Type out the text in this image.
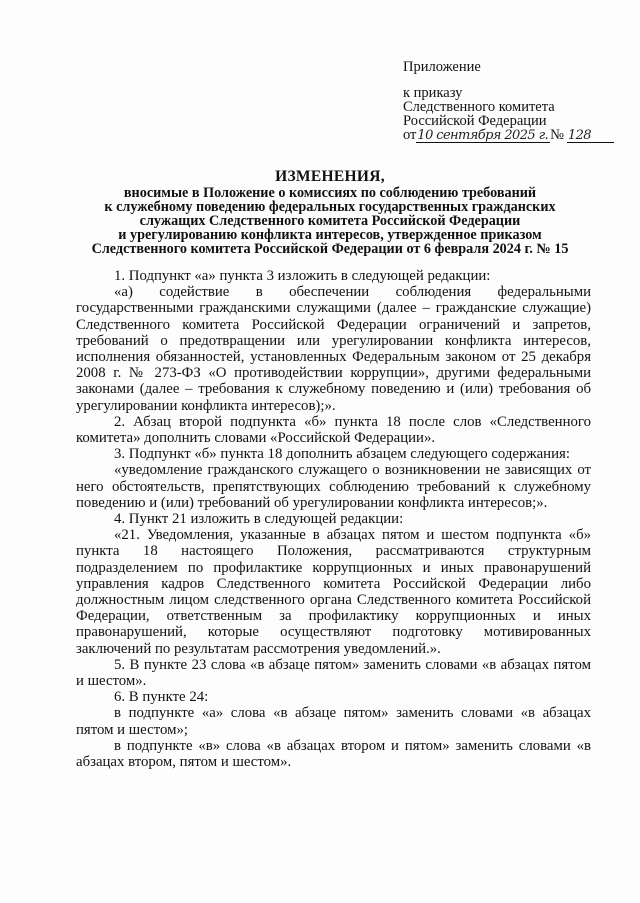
Приложение
к приказу
Следственного комитета
Российской Федерации
от10 сентября 2025 г. № 128
ИЗМЕНЕНИЯ,
вносимые в Положение о комиссиях по соблюдению требований
к служебному поведению федеральных государственных гражданских
служащих Следственного комитета Российской Федерации
и урегулированию конфликта интересов, утвержденное приказом
Следственного комитета Российской Федерации от 6 февраля 2024 г. № 15

1. Подпункт «а» пункта 3 изложить в следующей редакции:

«а) содействие в обеспечении соблюдения федеральными государственными гражданскими служащими (далее – гражданские служащие) Следственного комитета Российской Федерации ограничений и запретов, требований о предотвращении или урегулировании конфликта интересов, исполнения обязанностей, установленных Федеральным законом от 25 декабря 2008 г. № 273-ФЗ «О противодействии коррупции», другими федеральными законами (далее – требования к служебному поведению и (или) требования об урегулировании конфликта интересов);».

2. Абзац второй подпункта «б» пункта 18 после слов «Следственного комитета» дополнить словами «Российской Федерации».

3. Подпункт «б» пункта 18 дополнить абзацем следующего содержания:

«уведомление гражданского служащего о возникновении не зависящих от него обстоятельств, препятствующих соблюдению требований к служебному поведению и (или) требований об урегулировании конфликта интересов;».

4. Пункт 21 изложить в следующей редакции:

«21. Уведомления, указанные в абзацах пятом и шестом подпункта «б» пункта 18 настоящего Положения, рассматриваются структурным подразделением по профилактике коррупционных и иных правонарушений управления кадров Следственного комитета Российской Федерации либо должностным лицом следственного органа Следственного комитета Российской Федерации, ответственным за профилактику коррупционных и иных правонарушений, которые осуществляют подготовку мотивированных заключений по результатам рассмотрения уведомлений.».

5. В пункте 23 слова «в абзаце пятом» заменить словами «в абзацах пятом и шестом».

6. В пункте 24:

в подпункте «а» слова «в абзаце пятом» заменить словами «в абзацах пятом и шестом»;

в подпункте «в» слова «в абзацах втором и пятом» заменить словами «в абзацах втором, пятом и шестом».
